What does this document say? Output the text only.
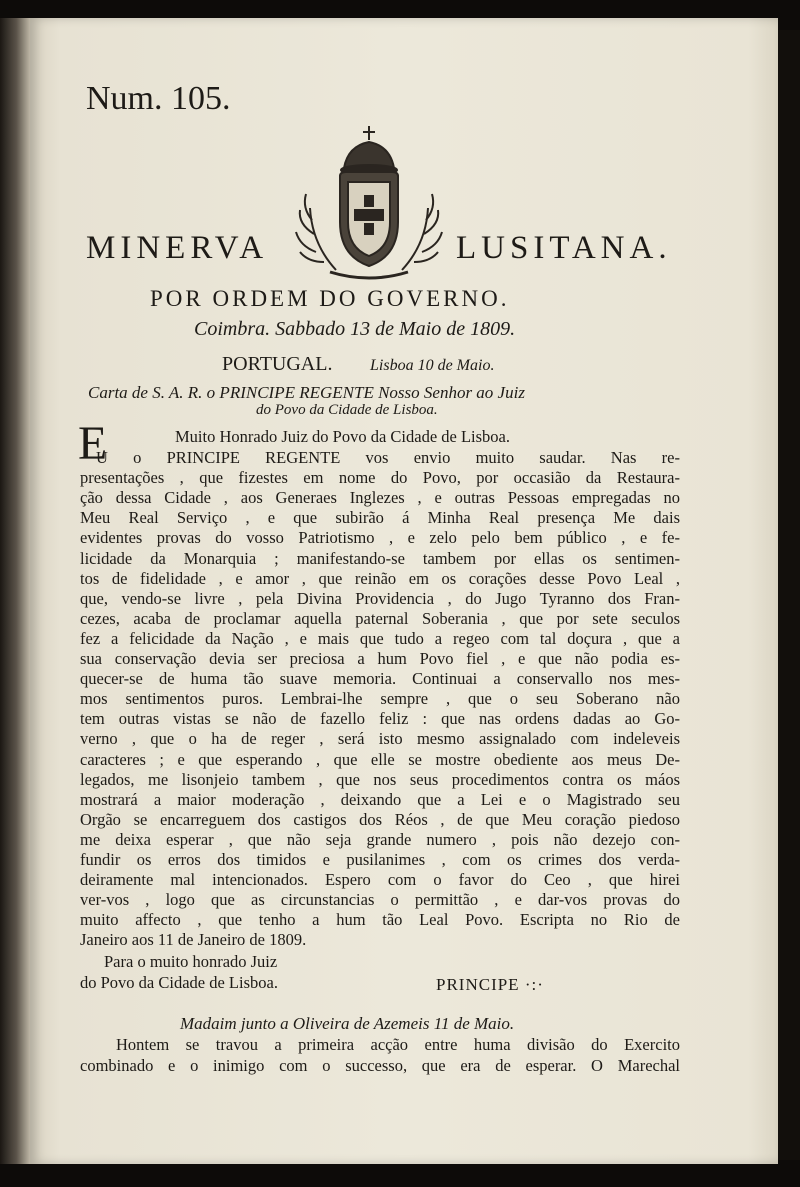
Num. 105.
MINERVA	LUSITANA.
POR ORDEM DO GOVERNO.
Coimbra. Sabbado 13 de Maio de 1809.
PORTUGAL. Lisboa 10 de Maio.
Carta de S. A. R. o PRINCIPE REGENTE Nosso Senhor ao Juiz
do Povo da Cidade de Lisboa.
E	Muito Honrado Juiz do Povo da Cidade de Lisboa.
U o PRINCIPE REGENTE vos envio muito saudar. Nas re-
presentações , que fizestes em nome do Povo, por occasião da Restaura-
ção dessa Cidade , aos Generaes Inglezes , e outras Pessoas empregadas no
Meu Real Serviço , e que subirão á Minha Real presença Me dais
evidentes provas do vosso Patriotismo , e zelo pelo bem público , e fe-
licidade da Monarquia ; manifestando-se tambem por ellas os sentimen-
tos de fidelidade , e amor , que reinão em os corações desse Povo Leal ,
que, vendo-se livre , pela Divina Providencia , do Jugo Tyranno dos Fran-
cezes, acaba de proclamar aquella paternal Soberania , que por sete seculos
fez a felicidade da Nação , e mais que tudo a regeo com tal doçura , que a
sua conservação devia ser preciosa a hum Povo fiel , e que não podia es-
quecer-se de huma tão suave memoria. Continuai a conservallo nos mes-
mos sentimentos puros. Lembrai-lhe sempre , que o seu Soberano não
tem outras vistas se não de fazello feliz : que nas ordens dadas ao Go-
verno , que o ha de reger , será isto mesmo assignalado com indeleveis
caracteres ; e que esperando , que elle se mostre obediente aos meus De-
legados, me lisonjeio tambem , que nos seus procedimentos contra os máos
mostrará a maior moderação , deixando que a Lei e o Magistrado seu
Orgão se encarreguem dos castigos dos Réos , de que Meu coração piedoso
me deixa esperar , que não seja grande numero , pois não dezejo con-
fundir os erros dos timidos e pusilanimes , com os crimes dos verda-
deiramente mal intencionados. Espero com o favor do Ceo , que hirei
ver-vos , logo que as circunstancias o permittão , e dar-vos provas do
muito affecto , que tenho a hum tão Leal Povo. Escripta no Rio de
Janeiro aos 11 de Janeiro de 1809.
Para o muito honrado Juiz
do Povo da Cidade de Lisboa.	PRINCIPE ·:·
Madaim junto a Oliveira de Azemeis 11 de Maio.
Hontem se travou a primeira acção entre huma divisão do Exercito
combinado e o inimigo com o successo, que era de esperar. O Marechal
